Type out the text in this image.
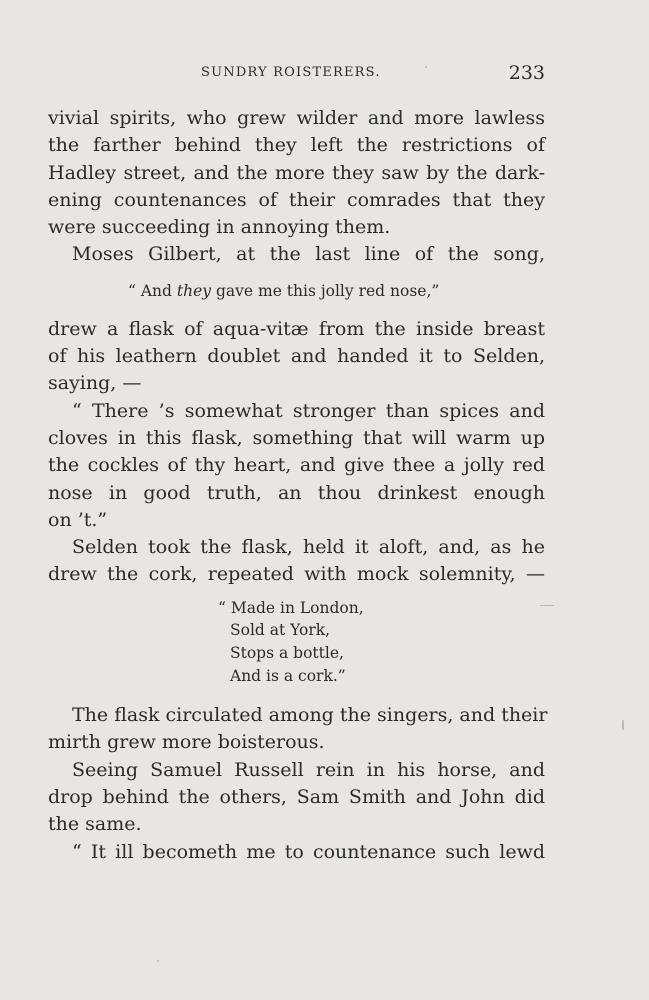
SUNDRY ROISTERERS.	233
vivial spirits, who grew wilder and more lawless
the farther behind they left the restrictions of
Hadley street, and the more they saw by the dark-
ening countenances of their comrades that they
were succeeding in annoying them.
Moses Gilbert, at the last line of the song,
“ And they gave me this jolly red nose,”
drew a flask of aqua-vitæ from the inside breast
of his leathern doublet and handed it to Selden,
saying, —
“ There ’s somewhat stronger than spices and
cloves in this flask, something that will warm up
the cockles of thy heart, and give thee a jolly red
nose in good truth, an thou drinkest enough
on ’t.”
Selden took the flask, held it aloft, and, as he
drew the cork, repeated with mock solemnity, —
“ Made in London,
Sold at York,
Stops a bottle,
And is a cork.”
The flask circulated among the singers, and their
mirth grew more boisterous.
Seeing Samuel Russell rein in his horse, and
drop behind the others, Sam Smith and John did
the same.
“ It ill becometh me to countenance such lewd
